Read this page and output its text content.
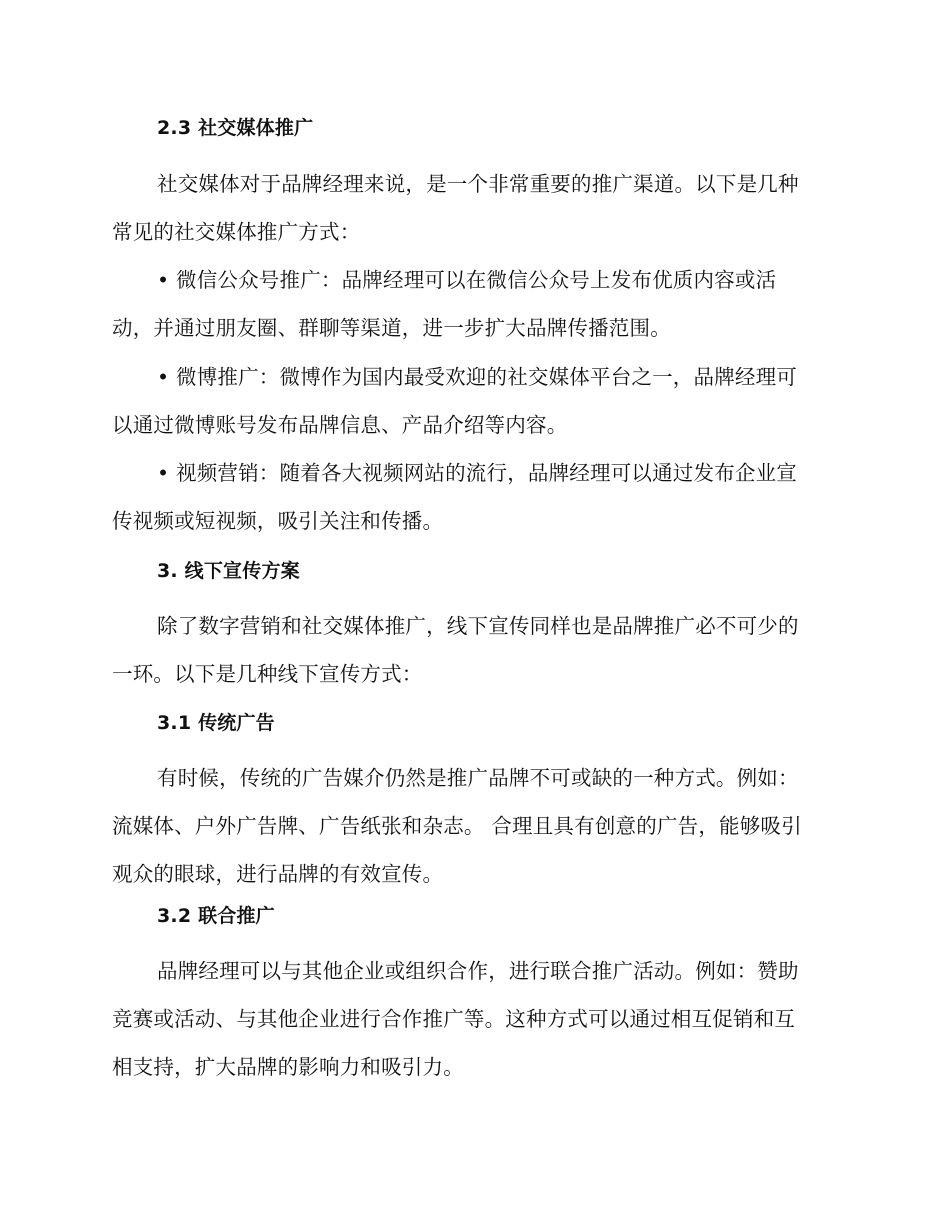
2.3 社交媒体推广
社交媒体对于品牌经理来说，是一个非常重要的推广渠道。以下是几种
常见的社交媒体推广方式：
• 微信公众号推广：品牌经理可以在微信公众号上发布优质内容或活
动，并通过朋友圈、群聊等渠道，进一步扩大品牌传播范围。
• 微博推广：微博作为国内最受欢迎的社交媒体平台之一，品牌经理可
以通过微博账号发布品牌信息、产品介绍等内容。
• 视频营销：随着各大视频网站的流行，品牌经理可以通过发布企业宣
传视频或短视频，吸引关注和传播。
3. 线下宣传方案
除了数字营销和社交媒体推广，线下宣传同样也是品牌推广必不可少的
一环。以下是几种线下宣传方式：
3.1 传统广告
有时候，传统的广告媒介仍然是推广品牌不可或缺的一种方式。例如：
流媒体、户外广告牌、广告纸张和杂志。 合理且具有创意的广告，能够吸引
观众的眼球，进行品牌的有效宣传。
3.2 联合推广
品牌经理可以与其他企业或组织合作，进行联合推广活动。例如：赞助
竞赛或活动、与其他企业进行合作推广等。这种方式可以通过相互促销和互
相支持，扩大品牌的影响力和吸引力。
